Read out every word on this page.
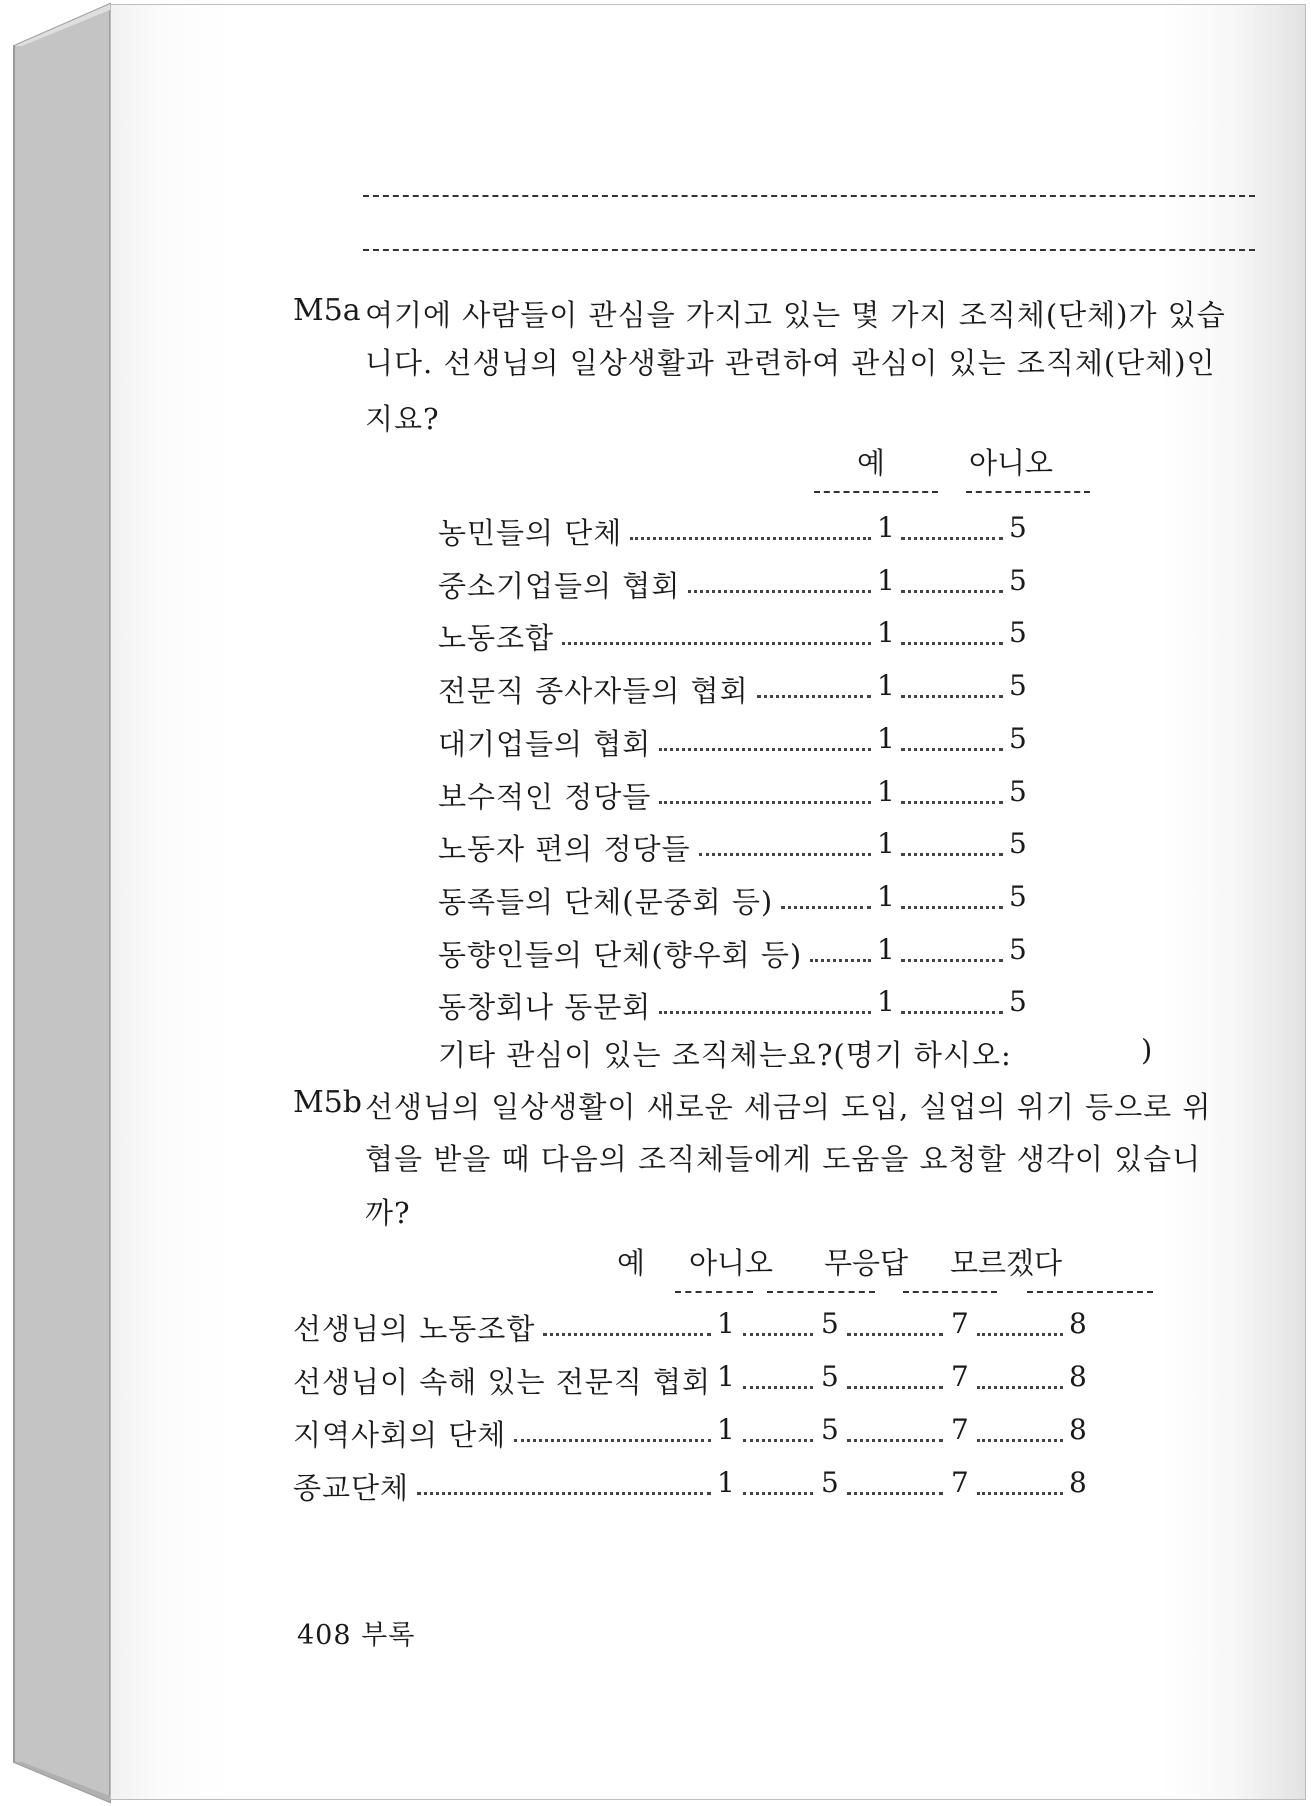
M5a 여기에 사람들이 관심을 가지고 있는 몇 가지 조직체(단체)가 있습
니다. 선생님의 일상생활과 관련하여 관심이 있는 조직체(단체)인
지요?
예	아니오
농민들의 단체	1	5
중소기업들의 협회	1	5
노동조합	1	5
전문직 종사자들의 협회	1	5
대기업들의 협회	1	5
보수적인 정당들	1	5
노동자 편의 정당들	1	5
동족들의 단체(문중회 등)	1	5
동향인들의 단체(향우회 등)	1	5
동창회나 동문회	1	5
기타 관심이 있는 조직체는요?(명기 하시오:	)
M5b 선생님의 일상생활이 새로운 세금의 도입, 실업의 위기 등으로 위
협을 받을 때 다음의 조직체들에게 도움을 요청할 생각이 있습니
까?
예	아니오	무응답	모르겠다
선생님의 노동조합	1	5	7	8
선생님이 속해 있는 전문직 협회 1	5	7	8
지역사회의 단체	1	5	7	8
종교단체	1	5	7	8
408 부록
